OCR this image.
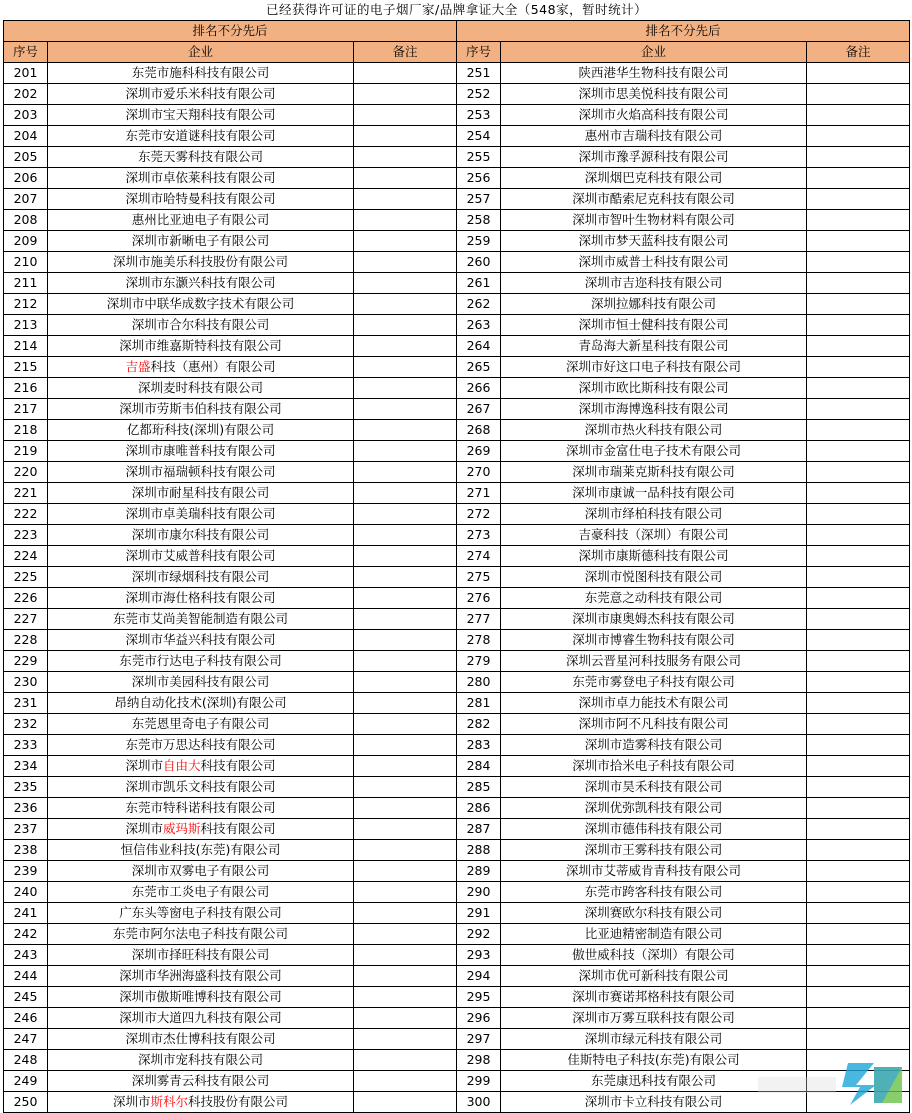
已经获得许可证的电子烟厂家/品牌拿证大全（548家，暂时统计）					
排名不分先后			排名不分先后		
序号	企业	备注	序号	企业	备注
201	东莞市施科科技有限公司		251	陕西港华生物科技有限公司	
202	深圳市爱乐米科技有限公司		252	深圳市思美悦科技有限公司	
203	深圳市宝天翔科技有限公司		253	深圳市火焰高科技有限公司	
204	东莞市安道谜科技有限公司		254	惠州市吉瑞科技有限公司	
205	东莞天雾科技有限公司		255	深圳市豫孚源科技有限公司	
206	深圳市卓依莱科技有限公司		256	深圳烟巴克科技有限公司	
207	深圳市哈特曼科技有限公司		257	深圳市酷索尼克科技有限公司	
208	惠州比亚迪电子有限公司		258	深圳市智叶生物材料有限公司	
209	深圳市新晰电子有限公司		259	深圳市梦天蓝科技有限公司	
210	深圳市施美乐科技股份有限公司		260	深圳市威普士科技有限公司	
211	深圳市东灏兴科技有限公司		261	深圳市吉迩科技有限公司	
212	深圳市中联华成数字技术有限公司		262	深圳拉娜科技有限公司	
213	深圳市合尔科技有限公司		263	深圳市恒士健科技有限公司	
214	深圳市维嘉斯特科技有限公司		264	青岛海大新星科技有限公司	
215	吉盛科技（惠州）有限公司		265	深圳市好这口电子科技有限公司	
216	深圳麦时科技有限公司		266	深圳市欧比斯科技有限公司	
217	深圳市劳斯韦伯科技有限公司		267	深圳市海博逸科技有限公司	
218	亿都珩科技(深圳)有限公司		268	深圳市热火科技有限公司	
219	深圳市康唯普科技有限公司		269	深圳市金富仕电子技术有限公司	
220	深圳市福瑞顿科技有限公司		270	深圳市瑞莱克斯科技有限公司	
221	深圳市耐星科技有限公司		271	深圳市康诚一品科技有限公司	
222	深圳市卓美瑞科技有限公司		272	深圳市绎柏科技有限公司	
223	深圳市康尔科技有限公司		273	吉豪科技（深圳）有限公司	
224	深圳市艾威普科技有限公司		274	深圳市康斯德科技有限公司	
225	深圳市绿烟科技有限公司		275	深圳市悦图科技有限公司	
226	深圳市海仕格科技有限公司		276	东莞意之动科技有限公司	
227	东莞市艾尚美智能制造有限公司		277	深圳市康奥姆杰科技有限公司	
228	深圳市华益兴科技有限公司		278	深圳市博睿生物科技有限公司	
229	东莞市行达电子科技有限公司		279	深圳云晋星河科技服务有限公司	
230	深圳市美园科技有限公司		280	东莞市雾登电子科技有限公司	
231	昂纳自动化技术(深圳)有限公司		281	深圳市卓力能技术有限公司	
232	东莞恩里奇电子有限公司		282	深圳市阿不凡科技有限公司	
233	东莞市万思达科技有限公司		283	深圳市造雾科技有限公司	
234	深圳市自由大科技有限公司		284	深圳市拾米电子科技有限公司	
235	深圳市凯乐文科技有限公司		285	深圳市昊禾科技有限公司	
236	东莞市特科诺科技有限公司		286	深圳优弥凯科技有限公司	
237	深圳市威玛斯科技有限公司		287	深圳市德伟科技有限公司	
238	恒信伟业科技(东莞)有限公司		288	深圳市王雾科技有限公司	
239	深圳市双雾电子有限公司		289	深圳市艾蒂威肯青科技有限公司	
240	东莞市工炎电子有限公司		290	东莞市跨客科技有限公司	
241	广东头等窗电子科技有限公司		291	深圳赛欧尔科技有限公司	
242	东莞市阿尔法电子科技有限公司		292	比亚迪精密制造有限公司	
243	深圳市择旺科技有限公司		293	傲世威科技（深圳）有限公司	
244	深圳市华洲海盛科技有限公司		294	深圳市优可新科技有限公司	
245	深圳市傲斯唯博科技有限公司		295	深圳市赛诺邦格科技有限公司	
246	深圳市大道四九科技有限公司		296	深圳市万雾互联科技有限公司	
247	深圳市杰仕博科技有限公司		297	深圳市绿元科技有限公司	
248	深圳市宠科技有限公司		298	佳斯特电子科技(东莞)有限公司	
249	深圳雾青云科技有限公司		299	东莞康迅科技有限公司	
250	深圳市斯科尔科技股份有限公司		300	深圳市卡立科技有限公司	
